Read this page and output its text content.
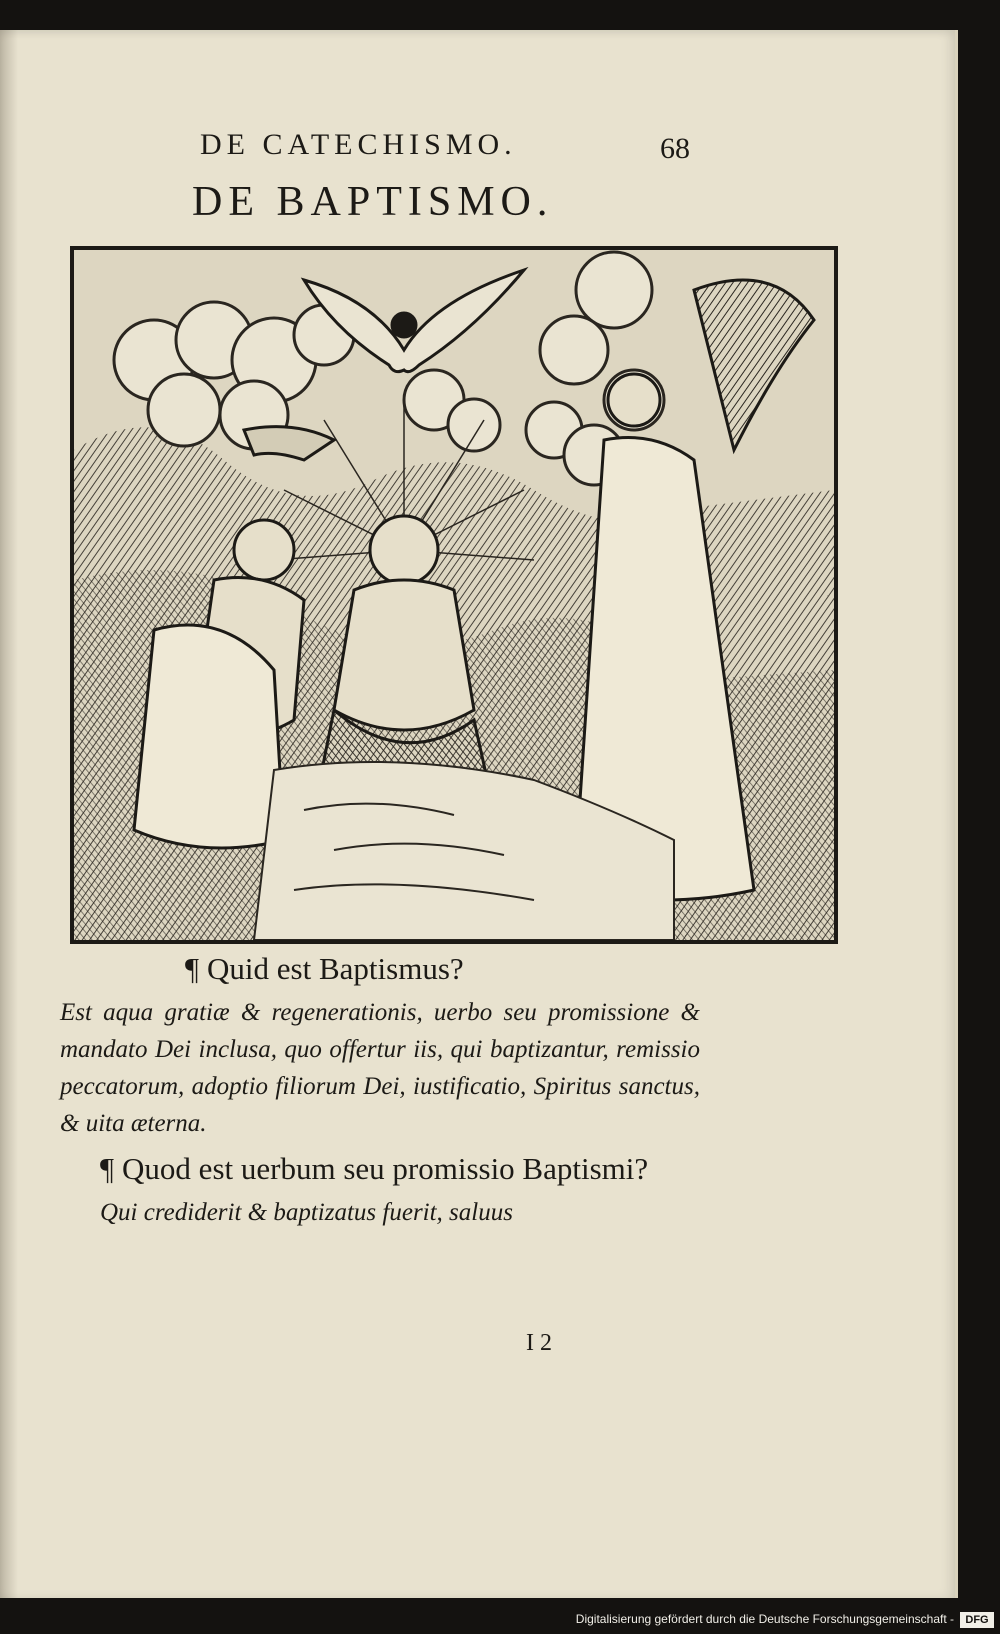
DE CATECHISMO.	68
DE BAPTISMO.

¶ Quid est Baptismus?

Est aqua gratiæ & regenerationis, uerbo seu promissione & mandato Dei inclusa, quo offertur iis, qui baptizantur, remissio peccatorum, adoptio filiorum Dei, iustificatio, Spiritus sanctus, & uita æterna.

¶ Quod est uerbum seu promissio Baptismi?

Qui crediderit & baptizatus fuerit, saluus

I 2
Digitalisierung gefördert durch die Deutsche Forschungsgemeinschaft -	DFG
